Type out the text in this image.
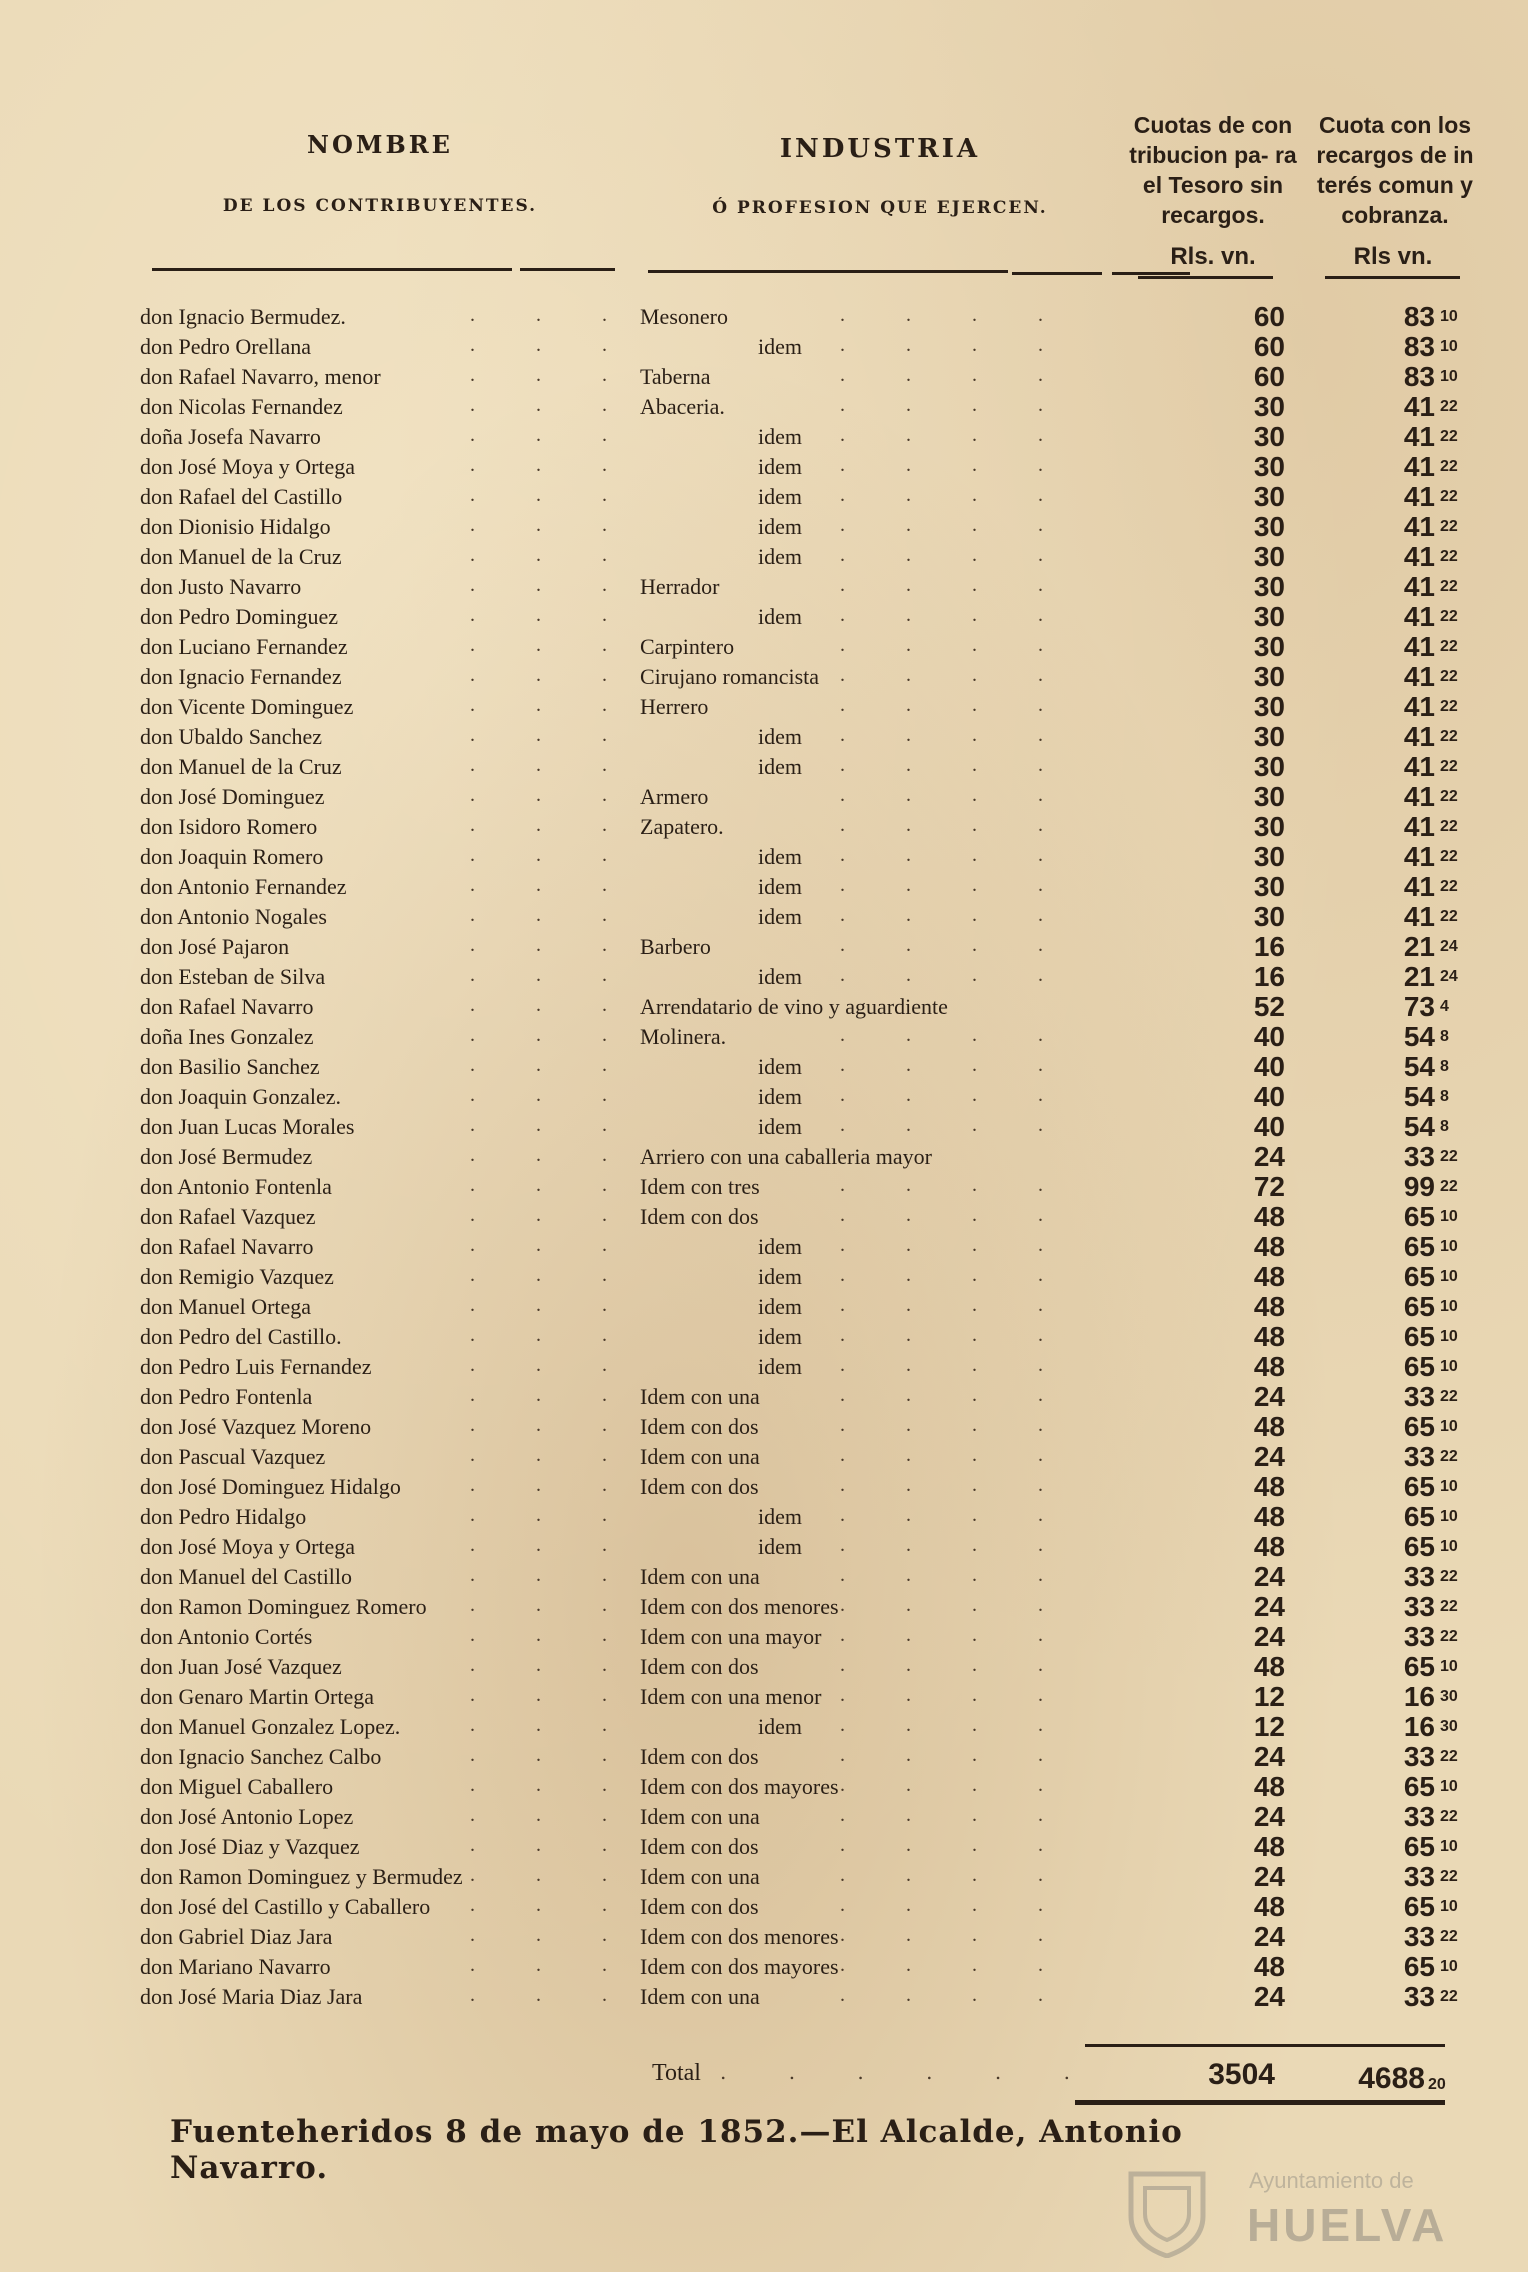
NOMBRE
DE LOS CONTRIBUYENTES.
INDUSTRIA
Ó PROFESION QUE EJERCEN.
Cuotas de con tribucion pa- ra el Tesoro sin recargos.
Cuota con los recargos de in terés comun y cobranza.
Rls. vn.	Rls vn.
. . . .
. . .
don Ignacio Bermudez.	Mesonero	60	83 10
. . . .
. . .
don Pedro Orellana	idem	60	83 10
. . . .
. . .
don Rafael Navarro, menor	Taberna	60	83 10
. . . .
. . .
don Nicolas Fernandez	Abaceria.	30	41 22
. . . .
. . .
doña Josefa Navarro	idem	30	41 22
. . . .
. . .
don José Moya y Ortega	idem	30	41 22
. . . .
. . .
don Rafael del Castillo	idem	30	41 22
. . . .
. . .
don Dionisio Hidalgo	idem	30	41 22
. . . .
. . .
don Manuel de la Cruz	idem	30	41 22
. . . .
. . .
don Justo Navarro	Herrador	30	41 22
. . . .
. . .
don Pedro Dominguez	idem	30	41 22
. . . .
. . .
don Luciano Fernandez	Carpintero	30	41 22
. . . .
. . .
don Ignacio Fernandez	Cirujano romancista	30	41 22
. . . .
. . .
don Vicente Dominguez	Herrero	30	41 22
. . . .
. . .
don Ubaldo Sanchez	idem	30	41 22
. . . .
. . .
don Manuel de la Cruz	idem	30	41 22
. . . .
. . .
don José Dominguez	Armero	30	41 22
. . . .
. . .
don Isidoro Romero	Zapatero.	30	41 22
. . . .
. . .
don Joaquin Romero	idem	30	41 22
. . . .
. . .
don Antonio Fernandez	idem	30	41 22
. . . .
. . .
don Antonio Nogales	idem	30	41 22
. . . .
. . .
don José Pajaron	Barbero	16	21 24
. . . .
. . .
don Esteban de Silva	idem	16	21 24
. . .
don Rafael Navarro	Arrendatario de vino y aguardiente	52	73 4
. . . .
. . .
doña Ines Gonzalez	Molinera.	40	54 8
. . . .
. . .
don Basilio Sanchez	idem	40	54 8
. . . .
. . .
don Joaquin Gonzalez.	idem	40	54 8
. . . .
. . .
don Juan Lucas Morales	idem	40	54 8
. . .
don José Bermudez	Arriero con una caballeria mayor	24	33 22
. . . .
. . .
don Antonio Fontenla	Idem con tres	72	99 22
. . . .
. . .
don Rafael Vazquez	Idem con dos	48	65 10
. . . .
. . .
don Rafael Navarro	idem	48	65 10
. . . .
. . .
don Remigio Vazquez	idem	48	65 10
. . . .
. . .
don Manuel Ortega	idem	48	65 10
. . . .
. . .
don Pedro del Castillo.	idem	48	65 10
. . . .
. . .
don Pedro Luis Fernandez	idem	48	65 10
. . . .
. . .
don Pedro Fontenla	Idem con una	24	33 22
. . . .
. . .
don José Vazquez Moreno	Idem con dos	48	65 10
. . . .
. . .
don Pascual Vazquez	Idem con una	24	33 22
. . . .
. . .
don José Dominguez Hidalgo	Idem con dos	48	65 10
. . . .
. . .
don Pedro Hidalgo	idem	48	65 10
. . . .
. . .
don José Moya y Ortega	idem	48	65 10
. . . .
. . .
don Manuel del Castillo	Idem con una	24	33 22
. . . .
. . .
don Ramon Dominguez Romero	Idem con dos menores	24	33 22
. . . .
. . .
don Antonio Cortés	Idem con una mayor	24	33 22
. . . .
. . .
don Juan José Vazquez	Idem con dos	48	65 10
. . . .
. . .
don Genaro Martin Ortega	Idem con una menor	12	16 30
. . . .
. . .
don Manuel Gonzalez Lopez.	idem	12	16 30
. . . .
. . .
don Ignacio Sanchez Calbo	Idem con dos	24	33 22
. . . .
. . .
don Miguel Caballero	Idem con dos mayores	48	65 10
. . . .
. . .
don José Antonio Lopez	Idem con una	24	33 22
. . . .
. . .
don José Diaz y Vazquez	Idem con dos	48	65 10
. . . .
. . .
don Ramon Dominguez y Bermudez	Idem con una	24	33 22
. . . .
. . .
don José del Castillo y Caballero	Idem con dos	48	65 10
. . . .
. . .
don Gabriel Diaz Jara	Idem con dos menores	24	33 22
. . . .
. . .
don Mariano Navarro	Idem con dos mayores	48	65 10
. . . .
. . .
don José Maria Diaz Jara	Idem con una	24	33 22
Total . . . . . .	3504	4688 20
Fuenteheridos 8 de mayo de 1852.—El Alcalde, Antonio Navarro.	Ayuntamiento de
HUELVA
